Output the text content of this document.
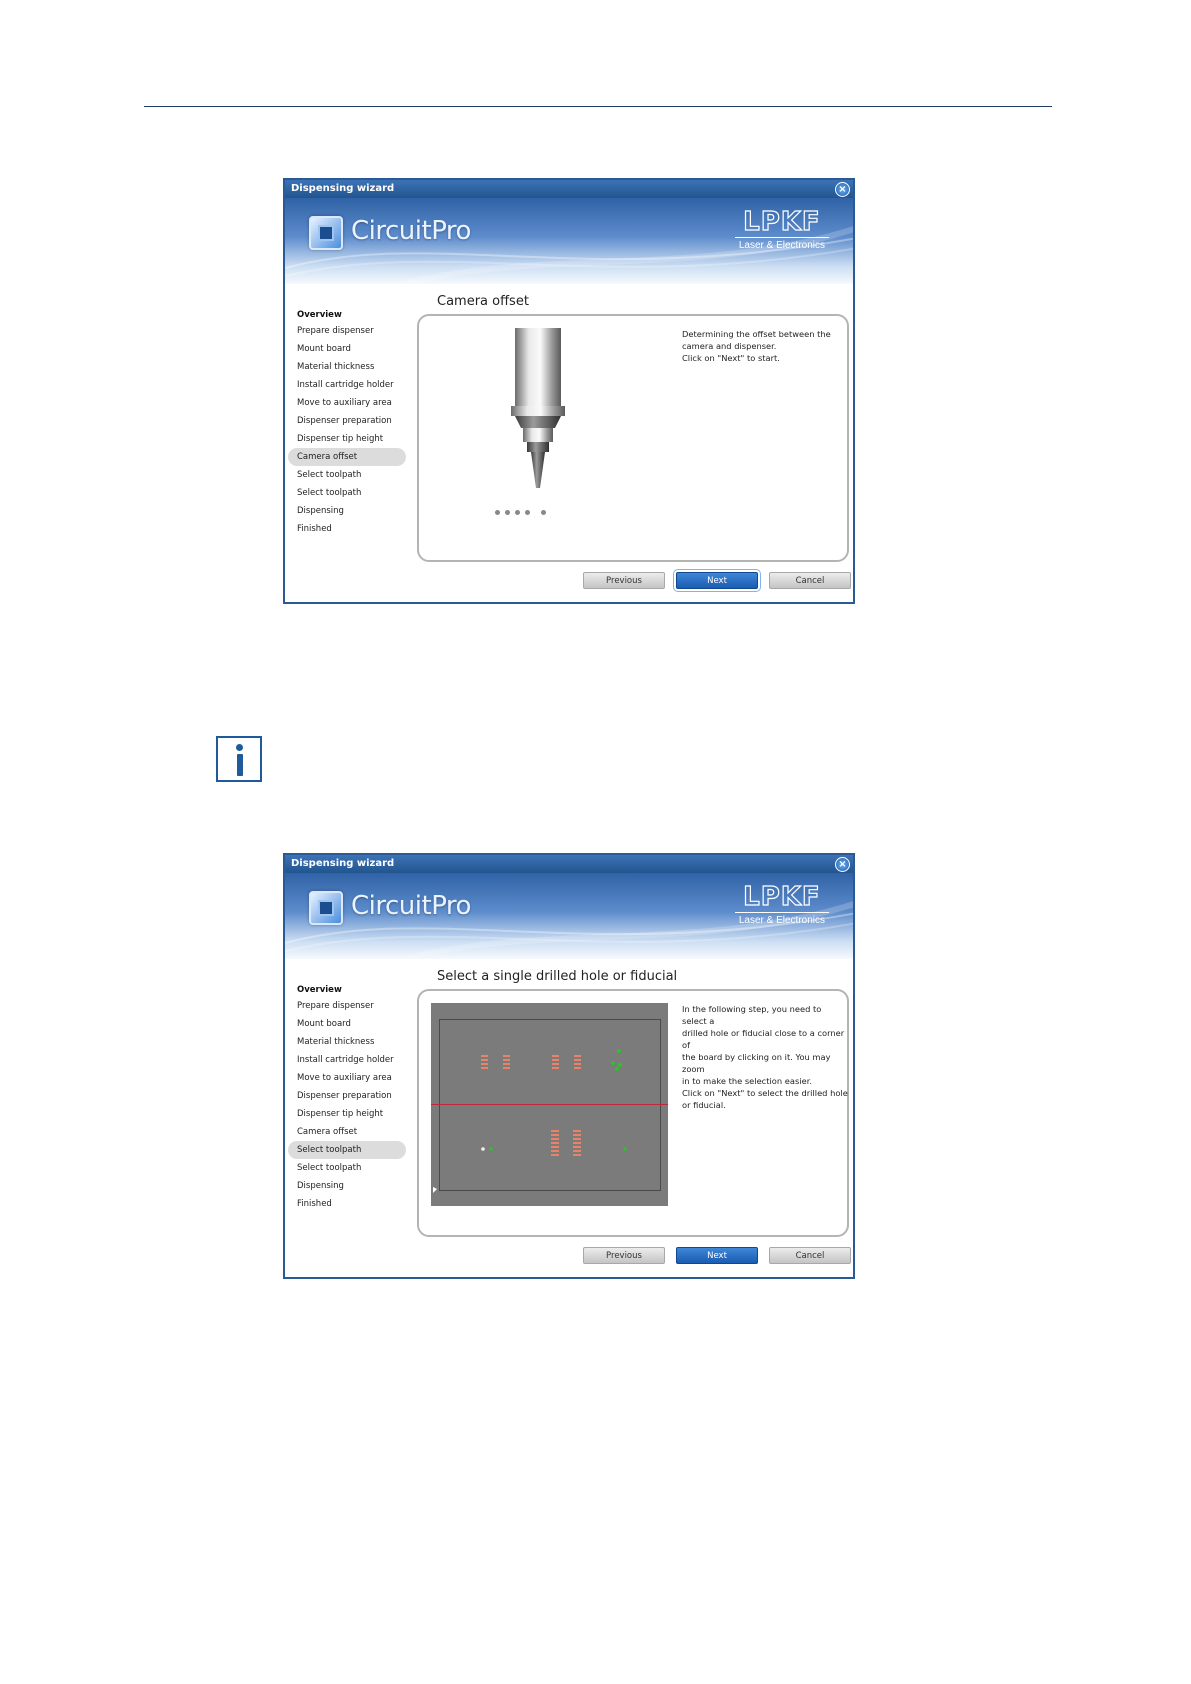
Dispensing wizard	×
CircuitPro	LPKF
Laser & Electronics
Overview
Prepare dispenser
Mount board
Material thickness
Install cartridge holder
Move to auxiliary area
Dispenser preparation
Dispenser tip height
Camera offset
Select toolpath
Select toolpath
Dispensing
Finished
Camera offset
Determining the offset between the
camera and dispenser.
Click on "Next" to start.
Previous	Next	Cancel
Dispensing wizard	×
CircuitPro	LPKF
Laser & Electronics
Overview
Prepare dispenser
Mount board
Material thickness
Install cartridge holder
Move to auxiliary area
Dispenser preparation
Dispenser tip height
Camera offset
Select toolpath
Select toolpath
Dispensing
Finished
Select a single drilled hole or fiducial
In the following step, you need to select a
drilled hole or fiducial close to a corner of
the board by clicking on it. You may zoom
in to make the selection easier.
Click on "Next" to select the drilled hole
or fiducial.
Previous	Next	Cancel
